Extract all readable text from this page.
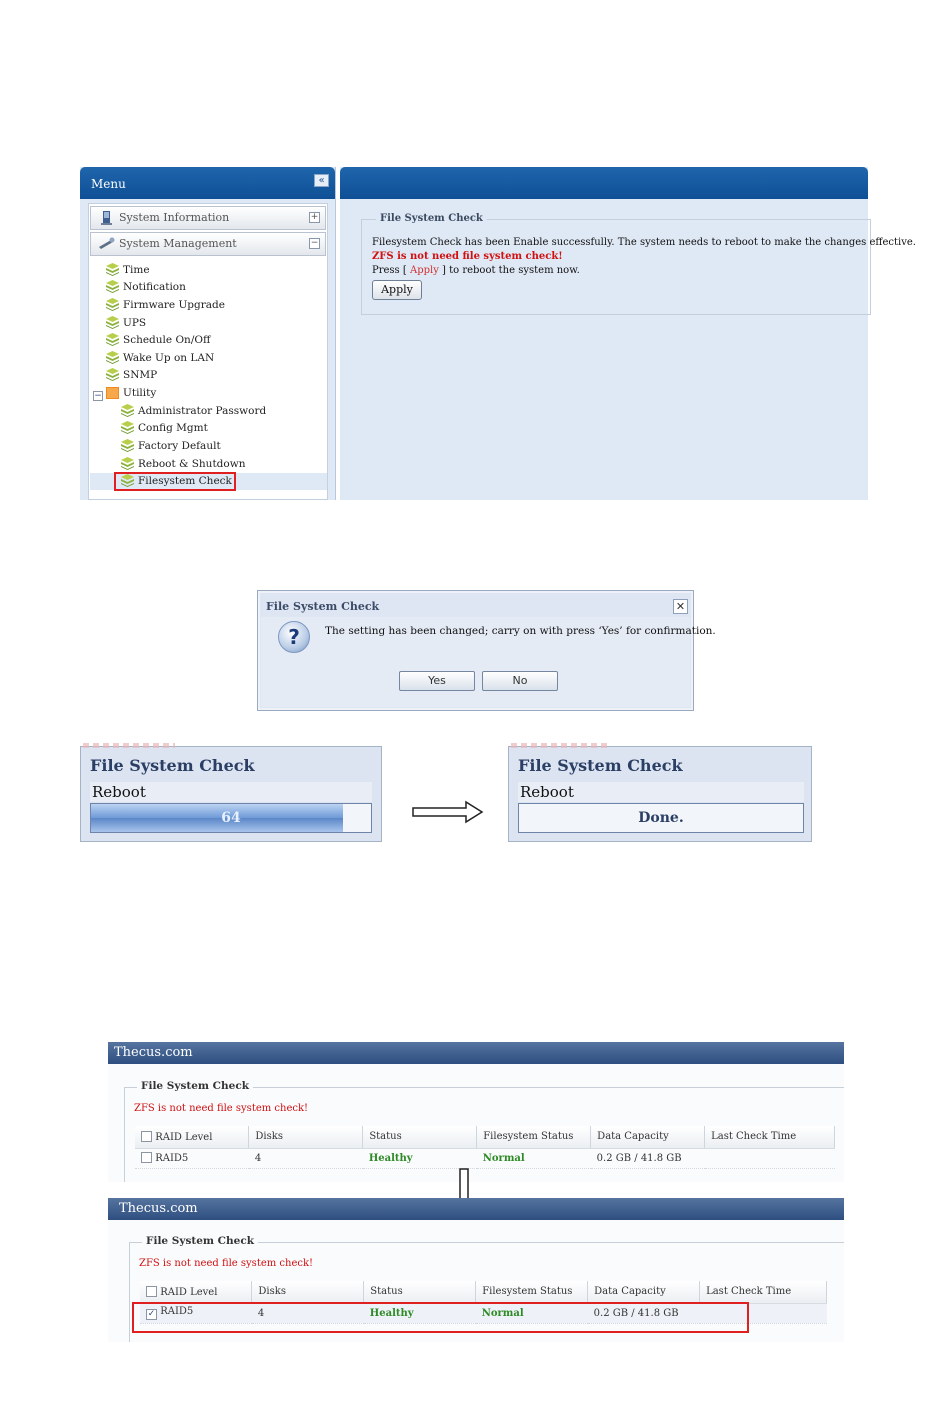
Menu	«
System Information	+
System Management	−
Time
Notification
Firmware Upgrade
UPS
Schedule On/Off
Wake Up on LAN
SNMP
− Utility
Administrator Password
Config Mgmt
Factory Default
Reboot & Shutdown
Filesystem Check
File System Check
Filesystem Check has been Enable successfully. The system needs to reboot to make the changes effective.
ZFS is not need file system check!
Press [ Apply ] to reboot the system now.
Apply
File System Check	✕
?	The setting has been changed; carry on with press ‘Yes’ for confirmation.
Yes	No
File System Check
Reboot
64
File System Check
Reboot
Done.
Thecus.com
File System Check
ZFS is not need file system check!
RAID Level	Disks	Status	Filesystem Status	Data Capacity	Last Check Time
RAID5	4	Healthy	Normal	0.2 GB / 41.8 GB	
Thecus.com
File System Check
ZFS is not need file system check!
RAID Level	Disks	Status	Filesystem Status	Data Capacity	Last Check Time
✓ RAID5	4	Healthy	Normal	0.2 GB / 41.8 GB	
